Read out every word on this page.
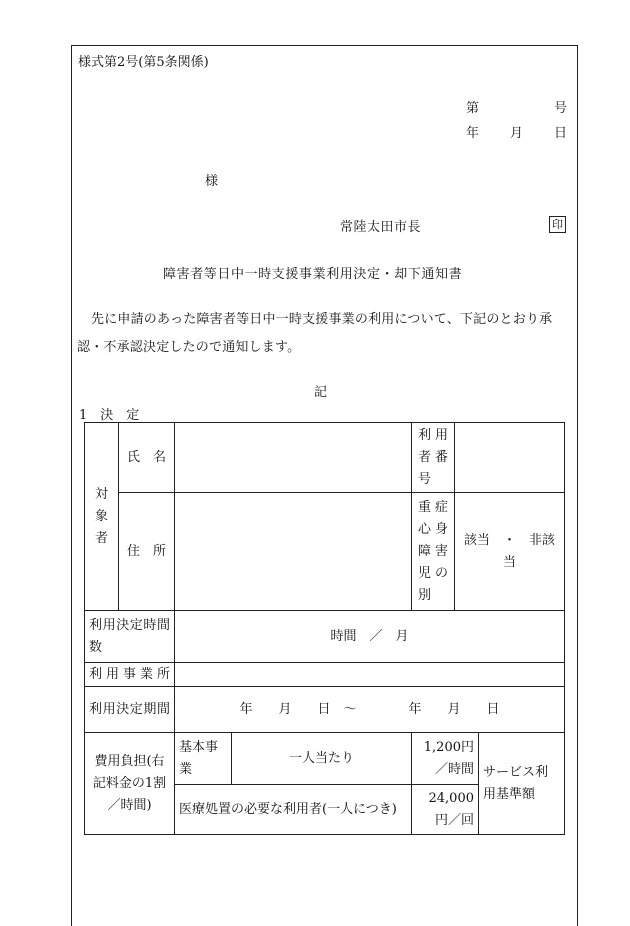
様式第2号(第5条関係)
第	号
年 月 日
様
常陸太田市長	印
障害者等日中一時支援事業利用決定・却下通知書
先に申請のあった障害者等日中一時支援事業の利用について、下記のとおり承認・不承認決定したので通知します。
記
1　決　定
対象者	氏　名			利用者番号		
	住　所			重症心身障害児の別	該当　・　非該当	
利用決定時間数		時間　／　月				
利用事業所						
利用決定期間		年　　月　　日　〜　　　　年　　月　　日				
費用負担(右記料金の1割／時間)		基本事業	一人当たり	1,200円／時間		サービス利用基準額
		医療処置の必要な利用者(一人につき)		24,000円／回		
